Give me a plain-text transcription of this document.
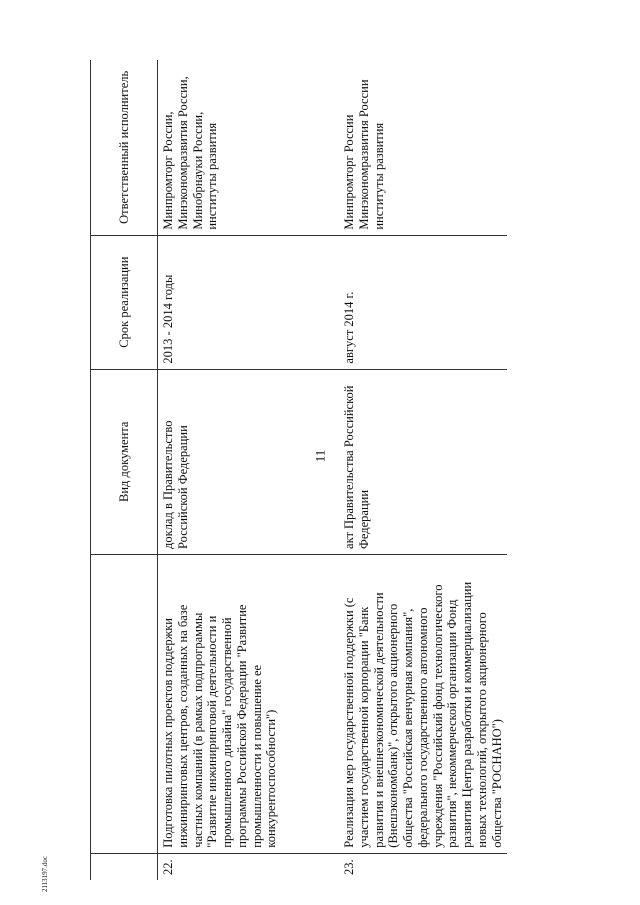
11
2113197.doc
		Вид документа	Срок реализации	Ответственный исполнитель
22.	Подготовка пилотных проектов поддержки инжиниринговых центров, созданных на базе частных компаний (в рамках подпрограммы "Развитие инжиниринговой деятельности и промышленного дизайна" государственной программы Российской Федерации "Развитие промышленности и повышение ее конкурентоспособности")	доклад в Правительство Российской Федерации	2013 - 2014 годы	Минпромторг России, Минэкономразвития России, Минобрнауки России, институты развития
23.	Реализация мер государственной поддержки (с участием государственной корпорации "Банк развития и внешнеэкономической деятельности (Внешэкономбанк)", открытого акционерного общества "Российская венчурная компания", федерального государственного автономного учреждения "Российский фонд технологического развития", некоммерческой организации Фонд развития Центра разработки и коммерциализации новых технологий, открытого акционерного общества "РОСНАНО")	акт Правительства Российской Федерации	август 2014 г.	Минпромторг России Минэкономразвития России институты развития
